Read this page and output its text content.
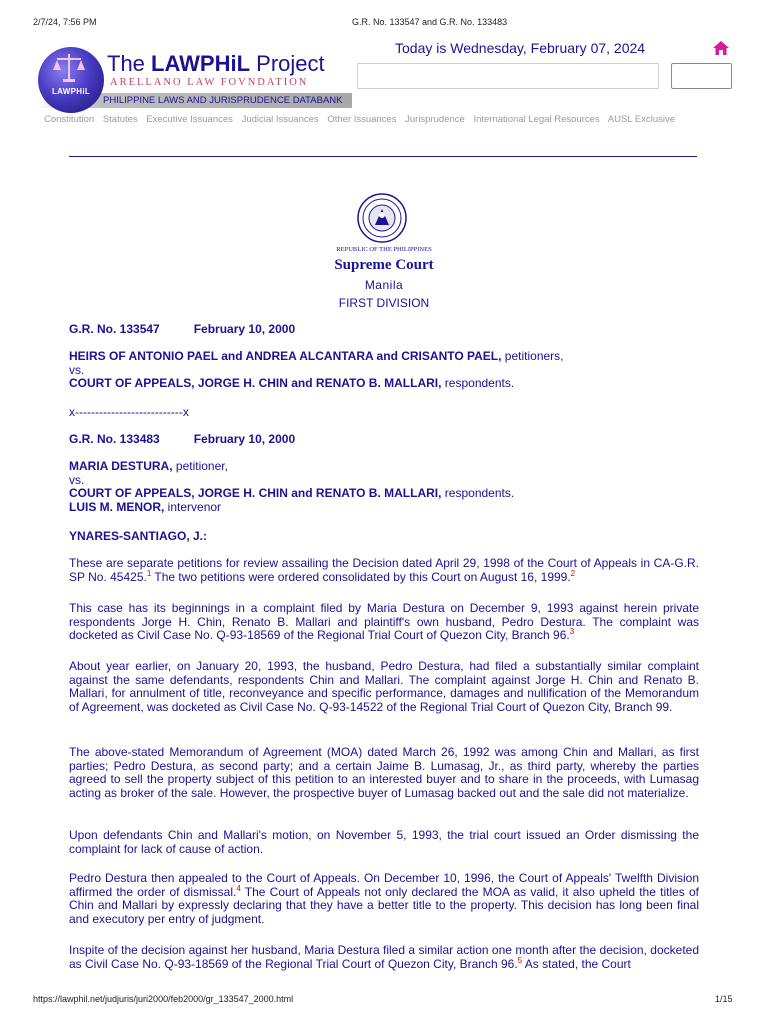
2/7/24, 7:56 PM	G.R. No. 133547 and G.R. No. 133483
PHILIPPINE LAWS AND JURISPRUDENCE DATABANK
LAWPHiL
The LAWPHiL Project
ARELLANO LAW FOVNDATION
Today is Wednesday, February 07, 2024
Constitution Statutes Executive Issuances Judicial Issuances Other Issuances Jurisprudence International Legal Resources AUSL Exclusive
REPUBLIC OF THE PHILIPPINES
Supreme Court
Manila
FIRST DIVISION
G.R. No. 133547	February 10, 2000
HEIRS OF ANTONIO PAEL and ANDREA ALCANTARA and CRISANTO PAEL, petitioners,
vs.
COURT OF APPEALS, JORGE H. CHIN and RENATO B. MALLARI, respondents.
x---------------------------x
G.R. No. 133483	February 10, 2000
MARIA DESTURA, petitioner,
vs.
COURT OF APPEALS, JORGE H. CHIN and RENATO B. MALLARI, respondents.
LUIS M. MENOR, intervenor
YNARES-SANTIAGO, J.:
These are separate petitions for review assailing the Decision dated April 29, 1998 of the Court of Appeals in CA-G.R. SP No. 45425.$^1$ The two petitions were ordered consolidated by this Court on August 16, 1999.$^2$
This case has its beginnings in a complaint filed by Maria Destura on December 9, 1993 against herein private respondents Jorge H. Chin, Renato B. Mallari and plaintiff's own husband, Pedro Destura. The complaint was docketed as Civil Case No. Q-93-18569 of the Regional Trial Court of Quezon City, Branch 96.$^3$
About year earlier, on January 20, 1993, the husband, Pedro Destura, had filed a substantially similar complaint against the same defendants, respondents Chin and Mallari. The complaint against Jorge H. Chin and Renato B. Mallari, for annulment of title, reconveyance and specific performance, damages and nullification of the Memorandum of Agreement, was docketed as Civil Case No. Q-93-14522 of the Regional Trial Court of Quezon City, Branch 99.
The above-stated Memorandum of Agreement (MOA) dated March 26, 1992 was among Chin and Mallari, as first parties; Pedro Destura, as second party; and a certain Jaime B. Lumasag, Jr., as third party, whereby the parties agreed to sell the property subject of this petition to an interested buyer and to share in the proceeds, with Lumasag acting as broker of the sale. However, the prospective buyer of Lumasag backed out and the sale did not materialize.
Upon defendants Chin and Mallari's motion, on November 5, 1993, the trial court issued an Order dismissing the complaint for lack of cause of action.
Pedro Destura then appealed to the Court of Appeals. On December 10, 1996, the Court of Appeals' Twelfth Division affirmed the order of dismissal.$^4$ The Court of Appeals not only declared the MOA as valid, it also upheld the titles of Chin and Mallari by expressly declaring that they have a better title to the property. This decision has long been final and executory per entry of judgment.
Inspite of the decision against her husband, Maria Destura filed a similar action one month after the decision, docketed as Civil Case No. Q-93-18569 of the Regional Trial Court of Quezon City, Branch 96.$^5$ As stated, the Court
https://lawphil.net/judjuris/juri2000/feb2000/gr_133547_2000.html	1/15
